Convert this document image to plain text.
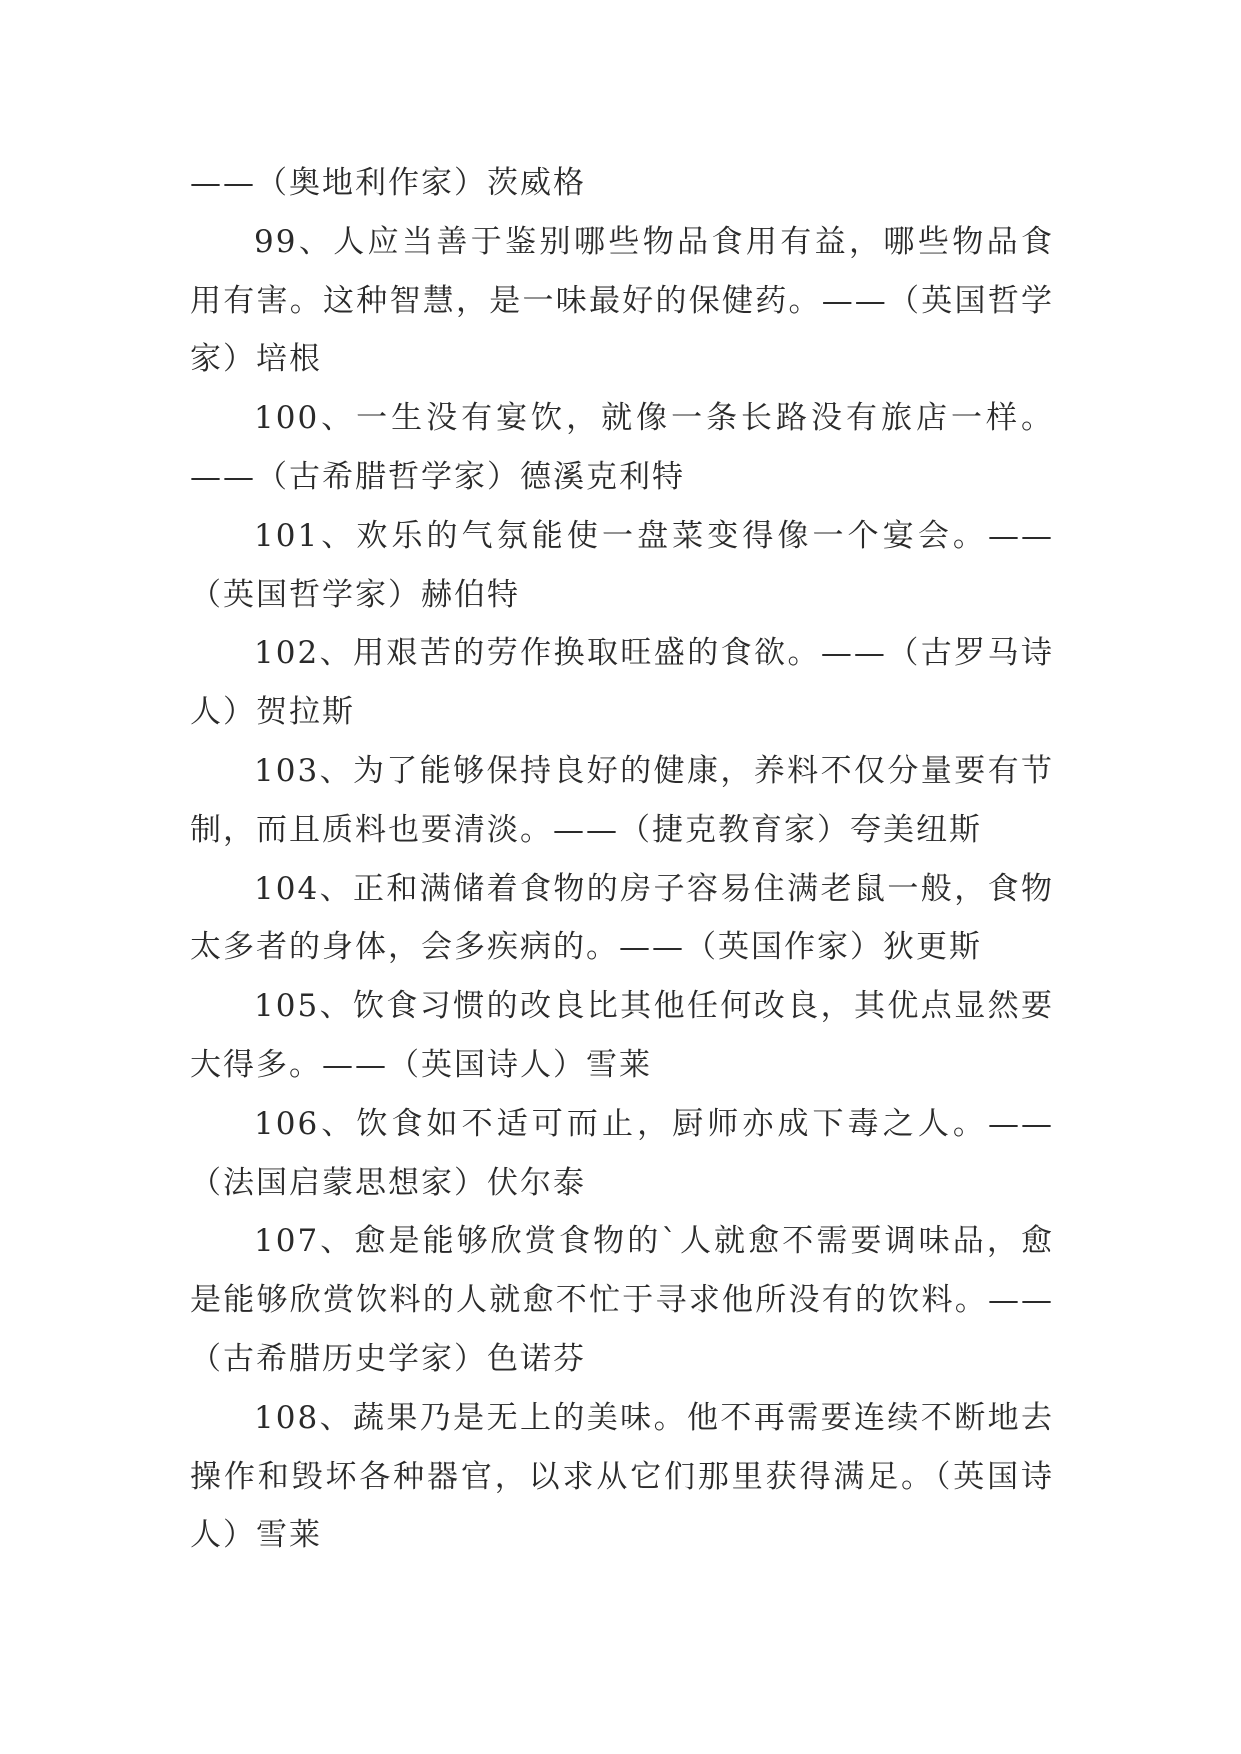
——（奥地利作家）茨威格

99、人应当善于鉴别哪些物品食用有益，哪些物品食用有害。这种智慧，是一味最好的保健药。——（英国哲学家）培根

100、一生没有宴饮，就像一条长路没有旅店一样。——（古希腊哲学家）德溪克利特

101、欢乐的气氛能使一盘菜变得像一个宴会。——（英国哲学家）赫伯特

102、用艰苦的劳作换取旺盛的食欲。——（古罗马诗人）贺拉斯

103、为了能够保持良好的健康，养料不仅分量要有节制，而且质料也要清淡。——（捷克教育家）夸美纽斯

104、正和满储着食物的房子容易住满老鼠一般，食物太多者的身体，会多疾病的。——（英国作家）狄更斯

105、饮食习惯的改良比其他任何改良，其优点显然要大得多。——（英国诗人）雪莱

106、饮食如不适可而止，厨师亦成下毒之人。——（法国启蒙思想家）伏尔泰

107、愈是能够欣赏食物的`人就愈不需要调味品，愈是能够欣赏饮料的人就愈不忙于寻求他所没有的饮料。——（古希腊历史学家）色诺芬

108、蔬果乃是无上的美味。他不再需要连续不断地去操作和毁坏各种器官，以求从它们那里获得满足。（英国诗人）雪莱
